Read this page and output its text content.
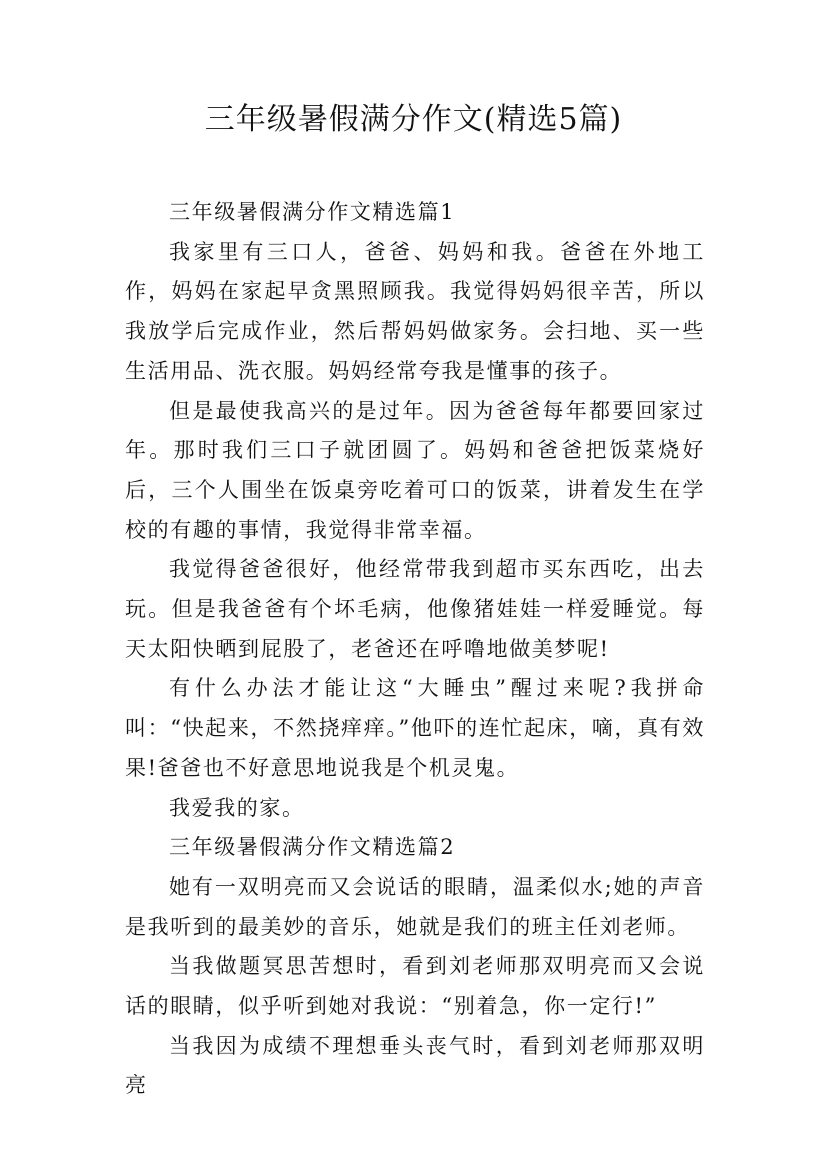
三年级暑假满分作文(精选5篇)

三年级暑假满分作文精选篇1

我家里有三口人，爸爸、妈妈和我。爸爸在外地工作，妈妈在家起早贪黑照顾我。我觉得妈妈很辛苦，所以我放学后完成作业，然后帮妈妈做家务。会扫地、买一些生活用品、洗衣服。妈妈经常夸我是懂事的孩子。

但是最使我高兴的是过年。因为爸爸每年都要回家过年。那时我们三口子就团圆了。妈妈和爸爸把饭菜烧好后，三个人围坐在饭桌旁吃着可口的饭菜，讲着发生在学校的有趣的事情，我觉得非常幸福。

我觉得爸爸很好，他经常带我到超市买东西吃，出去玩。但是我爸爸有个坏毛病，他像猪娃娃一样爱睡觉。每天太阳快晒到屁股了，老爸还在呼噜地做美梦呢!

有什么办法才能让这“大睡虫”醒过来呢?我拼命叫：“快起来，不然挠痒痒。”他吓的连忙起床，嘀，真有效果!爸爸也不好意思地说我是个机灵鬼。

我爱我的家。

三年级暑假满分作文精选篇2

她有一双明亮而又会说话的眼睛，温柔似水;她的声音是我听到的最美妙的音乐，她就是我们的班主任刘老师。

当我做题冥思苦想时，看到刘老师那双明亮而又会说话的眼睛，似乎听到她对我说：“别着急，你一定行!”

当我因为成绩不理想垂头丧气时，看到刘老师那双明亮
